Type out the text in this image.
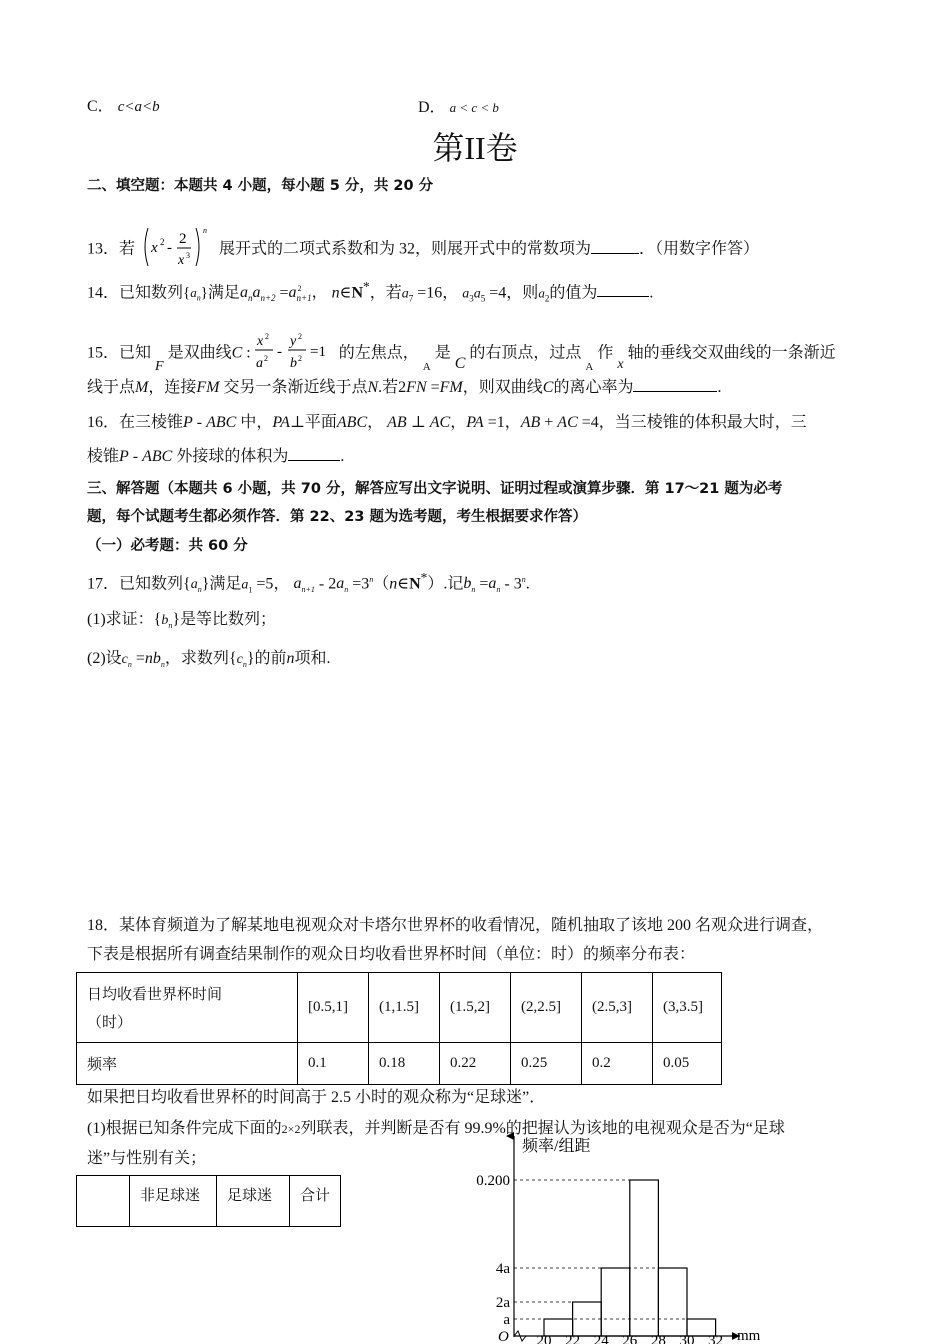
C． c<a<b	D． a < c < b
第II卷
二、填空题：本题共 4 小题，每小题 5 分，共 20 分
13．若 x 2 -
2
x 3
n
展开式的二项式系数和为 32，则展开式中的常数项为	．（用数字作答）
14．已知数列$\{a_n\}$满足$a_na_{n+2} =a_{n+1}^2$ ， n∈N*，若$a_7 =16$， $a_3a_5 =4$，则$a_2$的值为	.
15．已知 F 是双曲线C :
x 2
a 2 -
y 2
b 2 =1 的左焦点， $_A$ 是 C 的右顶点，过点 $_A$ 作 x 轴的垂线交双曲线的一条渐近
线于点M，连接FM 交另一条渐近线于点N.若2FN =FM，则双曲线C的离心率为	.
16．在三棱锥P - ABC 中，PA⊥平面ABC， AB ⊥ AC，PA =1，AB + AC =4，当三棱锥的体积最大时，三
棱锥P - ABC 外接球的体积为	.
三、解答题（本题共 6 小题，共 70 分，解答应写出文字说明、证明过程或演算步骤．第 17～21 题为必考
题，每个试题考生都必须作答．第 22、23 题为选考题，考生根据要求作答）
（一）必考题：共 60 分
17．已知数列$\{a_n\}$满足$a_1 =5$， $a_{n+1} - 2a_n$ $=3^n(n\in N^*)$.记$b_n =a_n - 3^n$.
(1)求证：$\{b_n\}$是等比数列；
(2)设$c_n =nb_n$，求数列$\{c_n\}$的前n项和.
18．某体育频道为了解某地电视观众对卡塔尔世界杯的收看情况，随机抽取了该地 200 名观众进行调查，
下表是根据所有调查结果制作的观众日均收看世界杯时间（单位：时）的频率分布表：
日均收看世界杯时间
（时）	[0.5,1]	(1,1.5]	(1.5,2]	(2,2.5]	(2.5,3]	(3,3.5]
频率	0.1	0.18	0.22	0.25	0.2	0.05
如果把日均收看世界杯的时间高于 2.5 小时的观众称为“足球迷”．
(1)根据已知条件完成下面的2×2列联表，并判断是否有 99.9%的把握认为该地的电视观众是否为“足球
迷”与性别有关；
	非足球迷	足球迷	合计
频率/组距
O
0.200
4a
2a
a
20 22 24 26 28 30 32 mm
